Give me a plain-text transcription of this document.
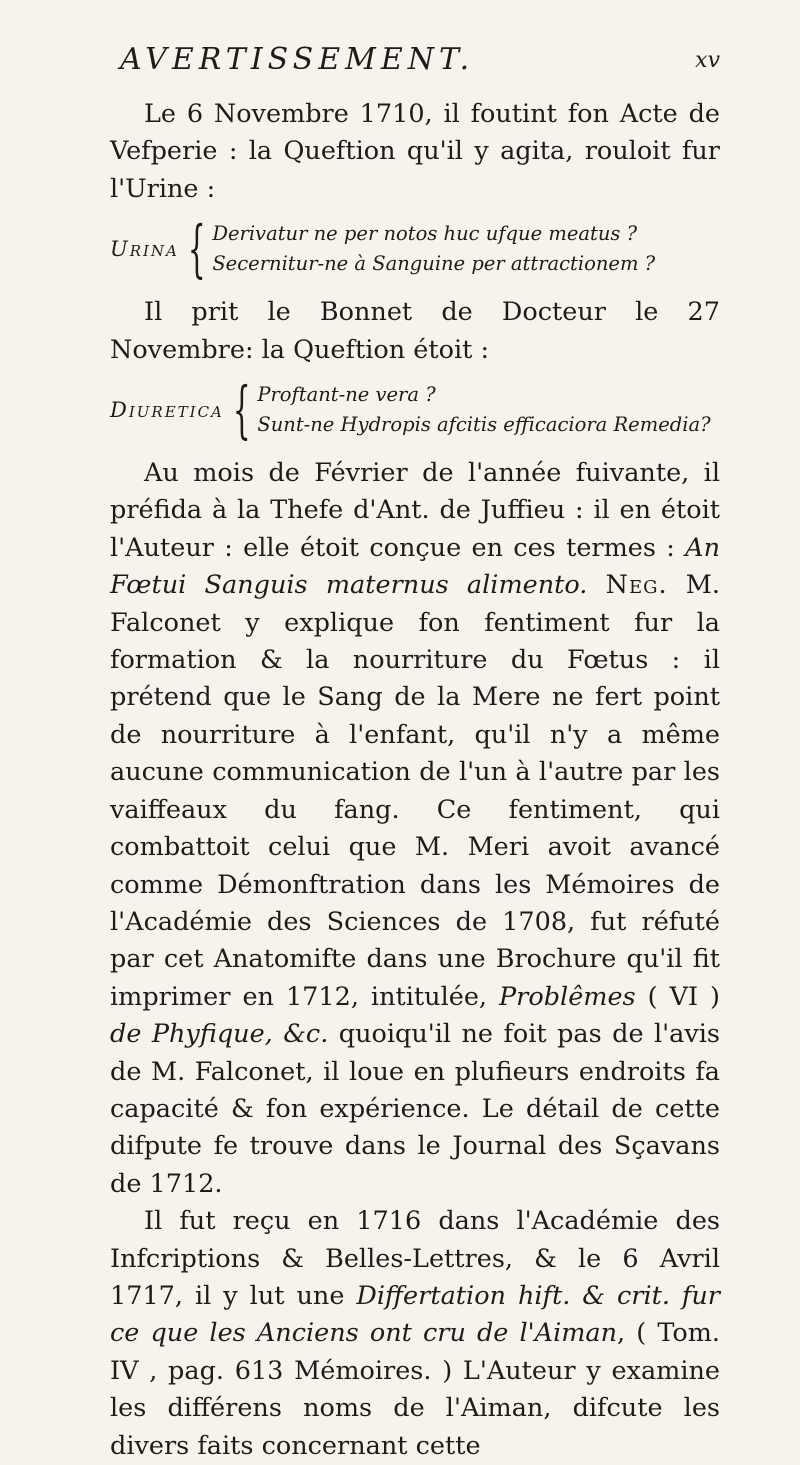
AVERTISSEMENT.	xv

Le 6 Novembre 1710, il foutint fon Acte de Vefperie : la Queftion qu'il y agita, rouloit fur l'Urine :

Urina { Derivatur ne per notos huc ufque meatus ?
Secernitur-ne à Sanguine per attractionem ?

Il prit le Bonnet de Docteur le 27 Novembre: la Queftion étoit :

Diuretica { Proftant-ne vera ?
Sunt-ne Hydropis afcitis efficaciora Remedia?

Au mois de Février de l'année fuivante, il préfida à la Thefe d'Ant. de Juffieu : il en étoit l'Auteur : elle étoit conçue en ces termes : An Fœtui Sanguis maternus alimento. Neg. M. Falconet y explique fon fentiment fur la formation & la nourriture du Fœtus : il prétend que le Sang de la Mere ne fert point de nourriture à l'enfant, qu'il n'y a même aucune communication de l'un à l'autre par les vaiffeaux du fang. Ce fentiment, qui combattoit celui que M. Meri avoit avancé comme Démonftration dans les Mémoires de l'Académie des Sciences de 1708, fut réfuté par cet Anatomifte dans une Brochure qu'il fit imprimer en 1712, intitulée, Problêmes ( VI ) de Phyfique, &c. quoiqu'il ne foit pas de l'avis de M. Falconet, il loue en plufieurs endroits fa capacité & fon expérience. Le détail de cette difpute fe trouve dans le Journal des Sçavans de 1712.

Il fut reçu en 1716 dans l'Académie des Infcriptions & Belles-Lettres, & le 6 Avril 1717, il y lut une Differtation hift. & crit. fur ce que les Anciens ont cru de l'Aiman, ( Tom. IV , pag. 613 Mémoires. ) L'Auteur y examine les différens noms de l'Aiman, difcute les divers faits concernant cette
